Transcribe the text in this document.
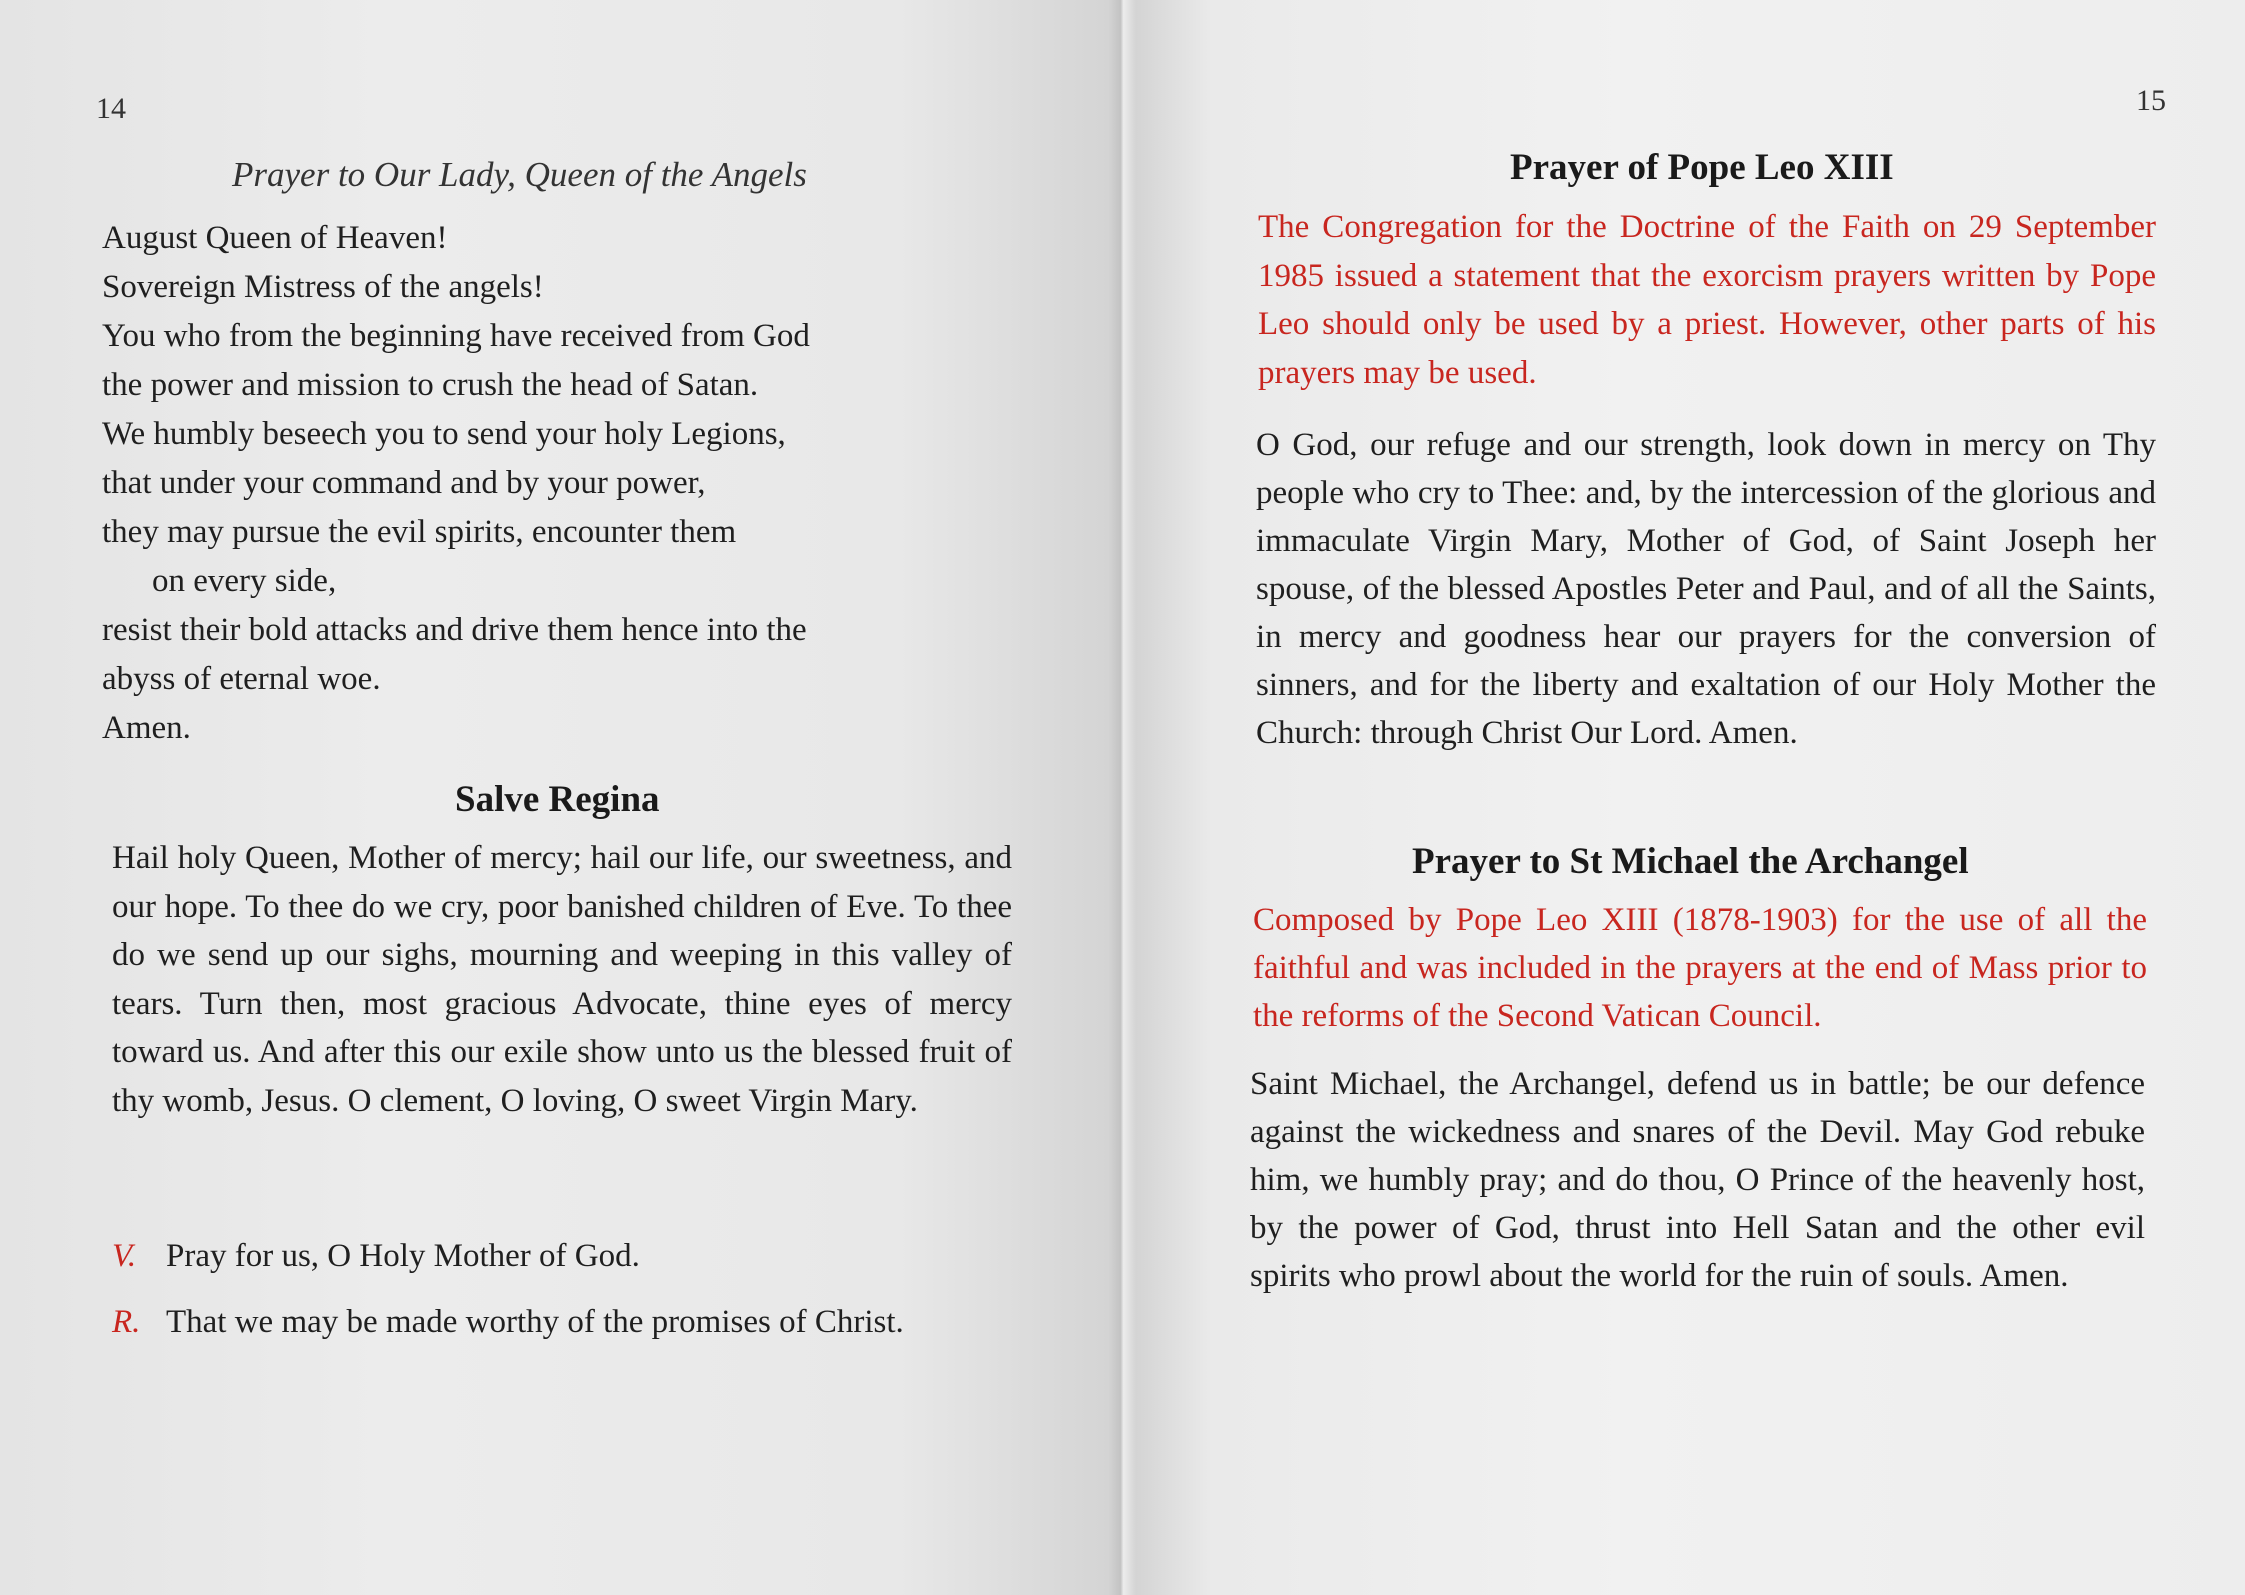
14
Prayer to Our Lady, Queen of the Angels
August Queen of Heaven!
Sovereign Mistress of the angels!
You who from the beginning have received from God
the power and mission to crush the head of Satan.
We humbly beseech you to send your holy Legions,
that under your command and by your power,
they may pursue the evil spirits, encounter them
on every side,
resist their bold attacks and drive them hence into the
abyss of eternal woe.
Amen.
Salve Regina
Hail holy Queen, Mother of mercy; hail our life, our sweetness, and our hope. To thee do we cry, poor banished children of Eve. To thee do we send up our sighs, mourning and weeping in this valley of tears. Turn then, most gracious Advocate, thine eyes of mercy toward us. And after this our exile show unto us the blessed fruit of thy womb, Jesus. O clement, O loving, O sweet Virgin Mary.
V. Pray for us, O Holy Mother of God.
R. That we may be made worthy of the promises of Christ.
15
Prayer of Pope Leo XIII
The Congregation for the Doctrine of the Faith on 29 September 1985 issued a statement that the exorcism prayers written by Pope Leo should only be used by a priest. However, other parts of his prayers may be used.
O God, our refuge and our strength, look down in mercy on Thy people who cry to Thee: and, by the intercession of the glorious and immaculate Virgin Mary, Mother of God, of Saint Joseph her spouse, of the blessed Apostles Peter and Paul, and of all the Saints, in mercy and goodness hear our prayers for the conversion of sinners, and for the liberty and exaltation of our Holy Mother the Church: through Christ Our Lord. Amen.
Prayer to St Michael the Archangel
Composed by Pope Leo XIII (1878-1903) for the use of all the faithful and was included in the prayers at the end of Mass prior to the reforms of the Second Vatican Council.
Saint Michael, the Archangel, defend us in battle; be our defence against the wickedness and snares of the Devil. May God rebuke him, we humbly pray; and do thou, O Prince of the heavenly host, by the power of God, thrust into Hell Satan and the other evil spirits who prowl about the world for the ruin of souls. Amen.
